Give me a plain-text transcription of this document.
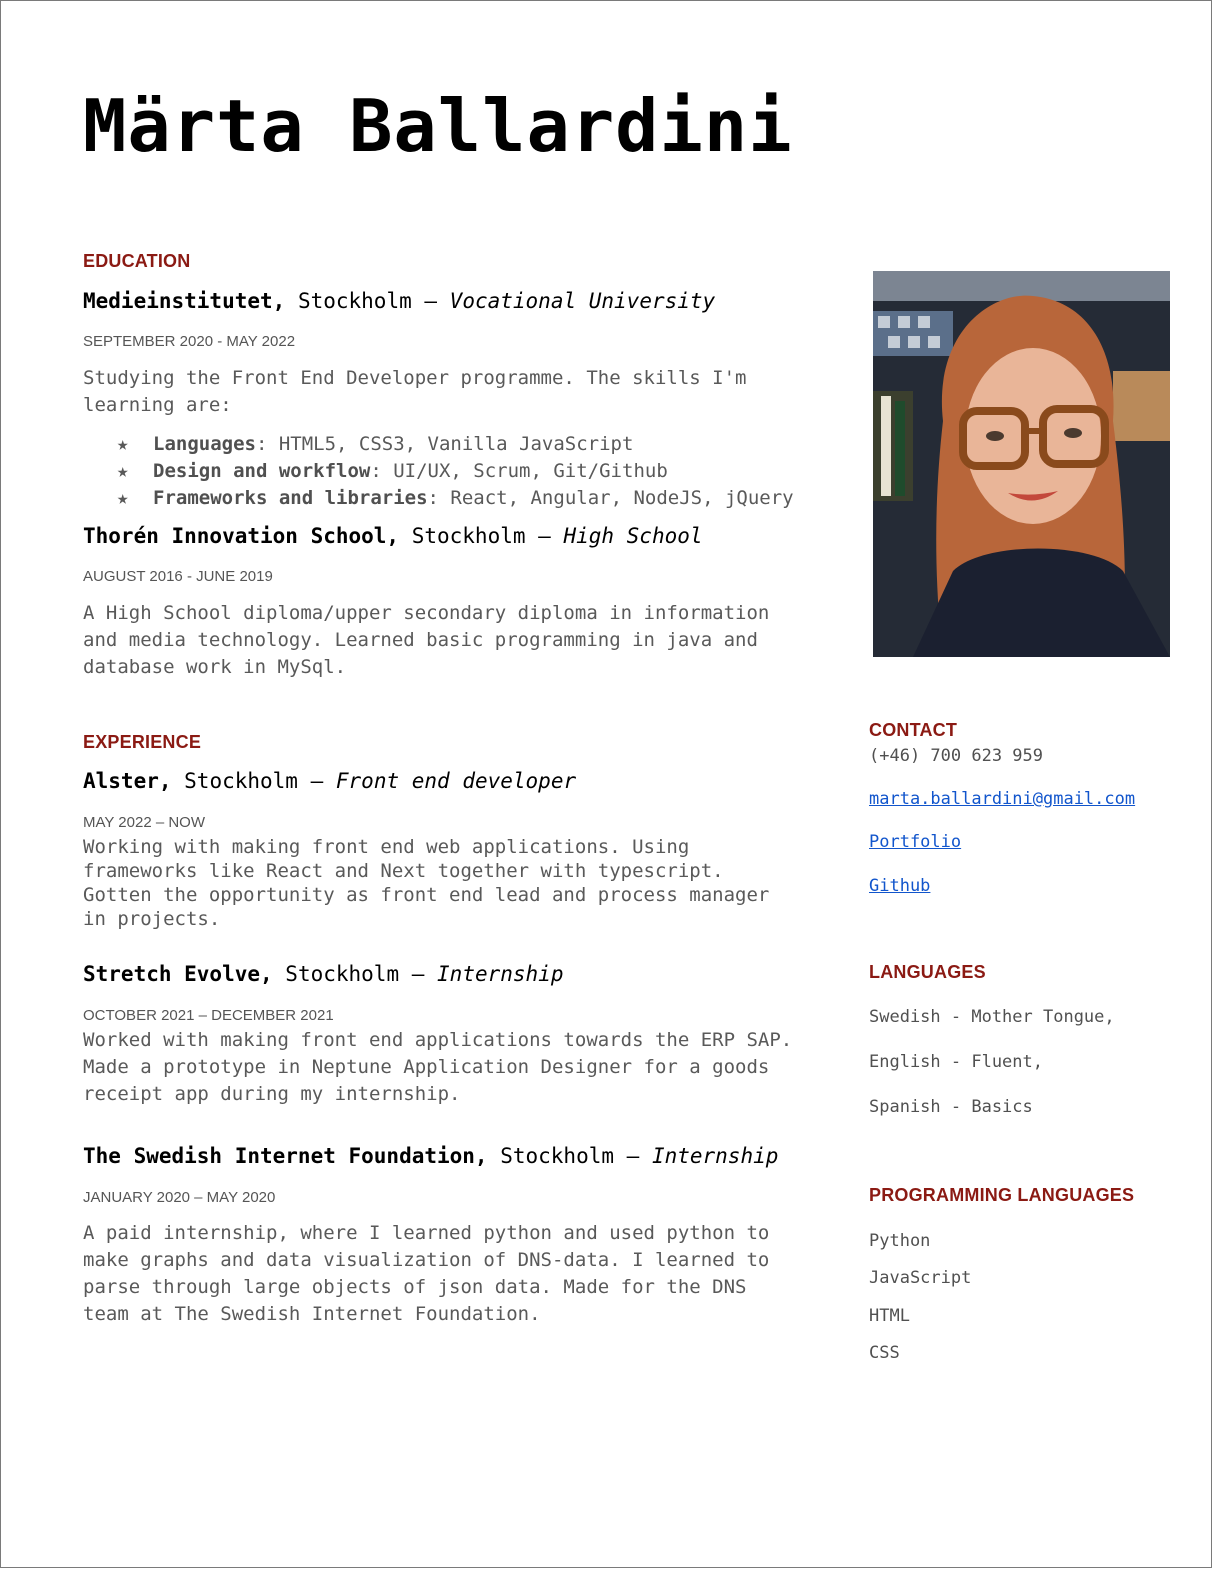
Märta Ballardini
EDUCATION

Medieinstitutet, Stockholm — Vocational University

SEPTEMBER 2020 - MAY 2022

Studying the Front End Developer programme. The skills I'm
learning are:

★ Languages: HTML5, CSS3, Vanilla JavaScript
★ Design and workflow: UI/UX, Scrum, Git/Github
★ Frameworks and libraries: React, Angular, NodeJS, jQuery

Thorén Innovation School, Stockholm — High School

AUGUST 2016 - JUNE 2019

A High School diploma/upper secondary diploma in information
and media technology. Learned basic programming in java and
database work in MySql.

EXPERIENCE

Alster, Stockholm — Front end developer

MAY 2022 – NOW

Working with making front end web applications. Using
frameworks like React and Next together with typescript.
Gotten the opportunity as front end lead and process manager
in projects.

Stretch Evolve, Stockholm — Internship

OCTOBER 2021 – DECEMBER 2021

Worked with making front end applications towards the ERP SAP.
Made a prototype in Neptune Application Designer for a goods
receipt app during my internship.

The Swedish Internet Foundation, Stockholm — Internship

JANUARY 2020 – MAY 2020

A paid internship, where I learned python and used python to
make graphs and data visualization of DNS-data. I learned to
parse through large objects of json data. Made for the DNS
team at The Swedish Internet Foundation.

CONTACT

(+46) 700 623 959

marta.ballardini@gmail.com
Portfolio
Github
LANGUAGES

Swedish - Mother Tongue,

English - Fluent,

Spanish - Basics

PROGRAMMING LANGUAGES

Python

JavaScript

HTML

CSS
